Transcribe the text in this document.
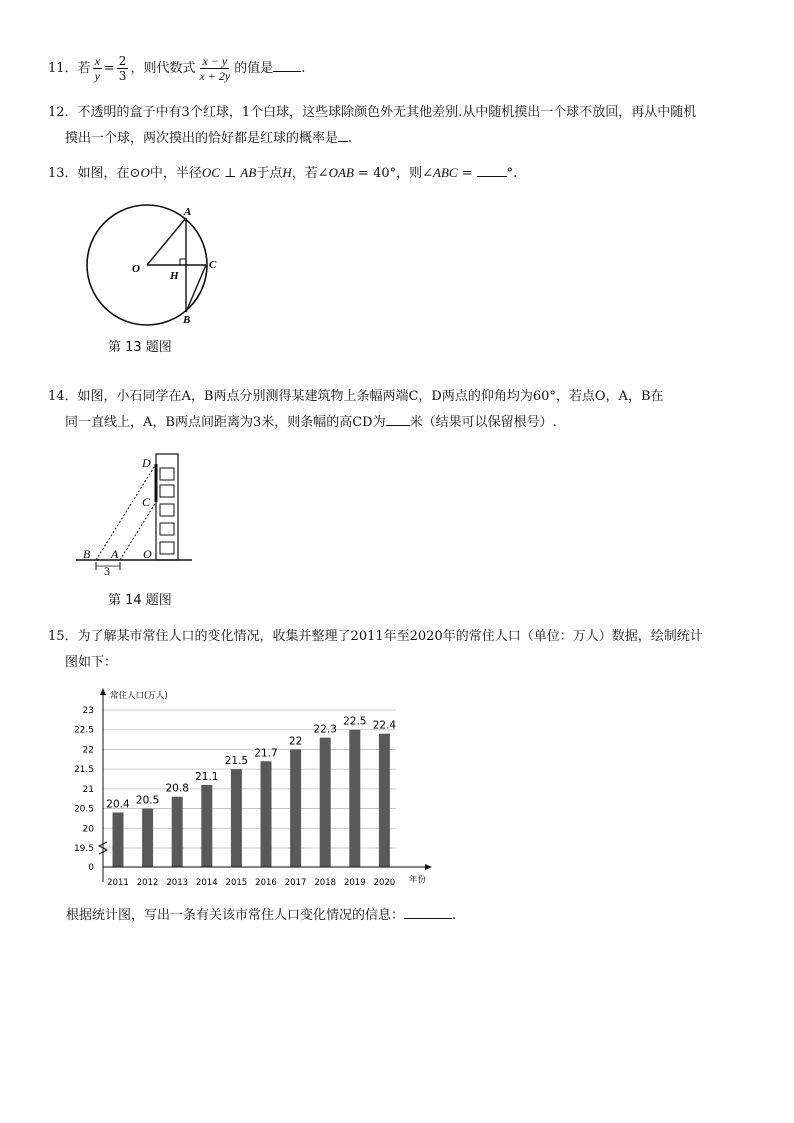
11．若 $\frac{x}{y} = \frac{2}{3}$ ，则代数式 $\frac{x - y}{x + 2y}$ 的值是 .
12．不透明的盒子中有3个红球，1个白球，这些球除颜色外无其他差别.从中随机摸出一个球不放回，再从中随机
摸出一个球，两次摸出的恰好都是红球的概率是 .
13．如图，在⊙O中，半径OC ⊥ AB于点H，若∠OAB = 40°，则∠ABC =	°.
A
O
H
C
B
第 13 题图
14．如图，小石同学在A，B两点分别测得某建筑物上条幅两端C，D两点的仰角均为60°，若点O，A，B在
同一直线上，A，B两点间距离为3米，则条幅的高CD为 米（结果可以保留根号）.
D
C
B A O
3
第 14 题图
15．为了解某市常住人口的变化情况，收集并整理了2011年至2020年的常住人口（单位：万人）数据，绘制统计
图如下：
0
19.5
20
20.5
21
21.5
22
22.5
23
2011 2012 2013 2014 2015 2016 2017 2018 2019 2020
20.4 20.5
20.8
21.1
21.5
21.7
22
22.3
22.5 22.4
常住人口(万人)
年份
根据统计图，写出一条有关该市常住人口变化情况的信息：	.
